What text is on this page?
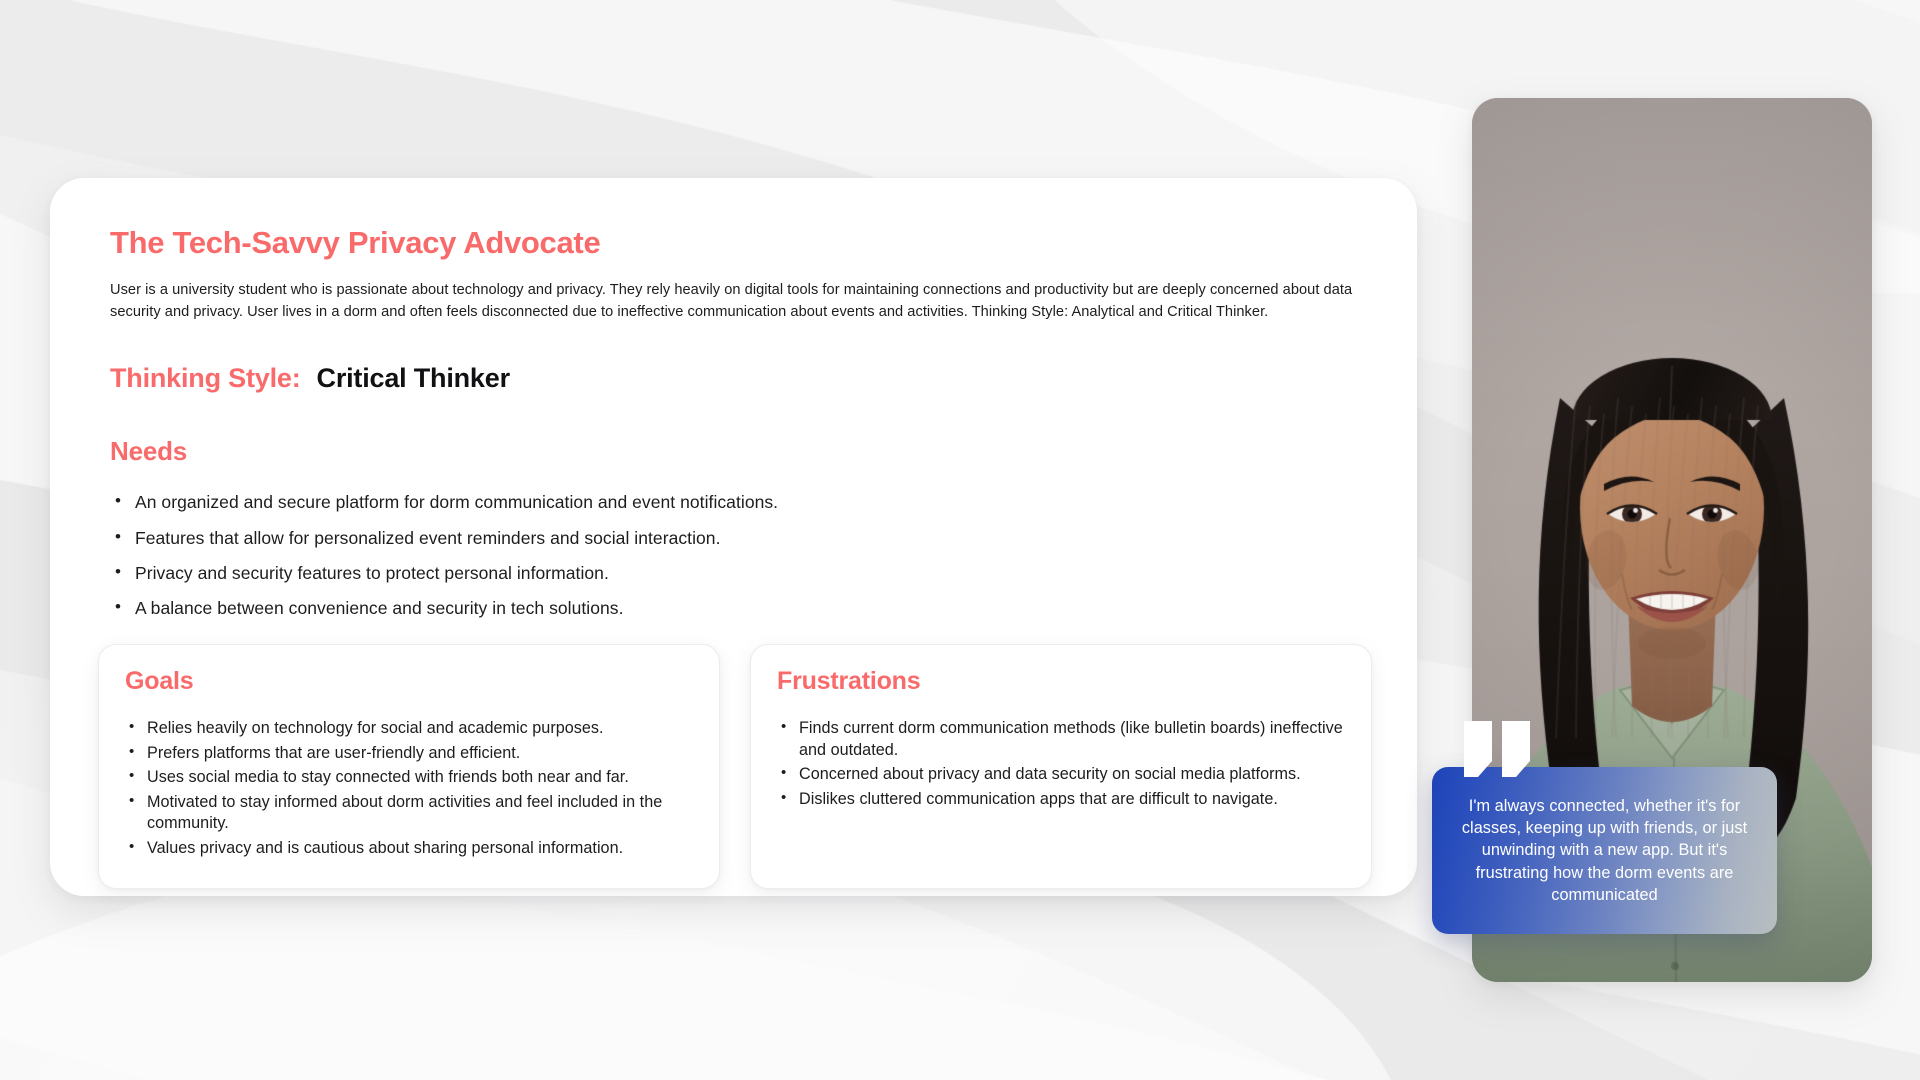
The Tech-Savvy Privacy Advocate

User is a university student who is passionate about technology and privacy. They rely heavily on digital tools for maintaining connections and productivity but are deeply concerned about data security and privacy. User lives in a dorm and often feels disconnected due to ineffective communication about events and activities. Thinking Style: Analytical and Critical Thinker.

Thinking Style: Critical Thinker
Needs
• An organized and secure platform for dorm communication and event notifications.
• Features that allow for personalized event reminders and social interaction.
• Privacy and security features to protect personal information.
• A balance between convenience and security in tech solutions.
Goals
• Relies heavily on technology for social and academic purposes.
• Prefers platforms that are user-friendly and efficient.
• Uses social media to stay connected with friends both near and far.
• Motivated to stay informed about dorm activities and feel included in the community.
• Values privacy and is cautious about sharing personal information.
Frustrations
• Finds current dorm communication methods (like bulletin boards) ineffective and outdated.
• Concerned about privacy and data security on social media platforms.
• Dislikes cluttered communication apps that are difficult to navigate.	I'm always connected, whether it's for classes, keeping up with friends, or just unwinding with a new app. But it's frustrating how the dorm events are communicated
